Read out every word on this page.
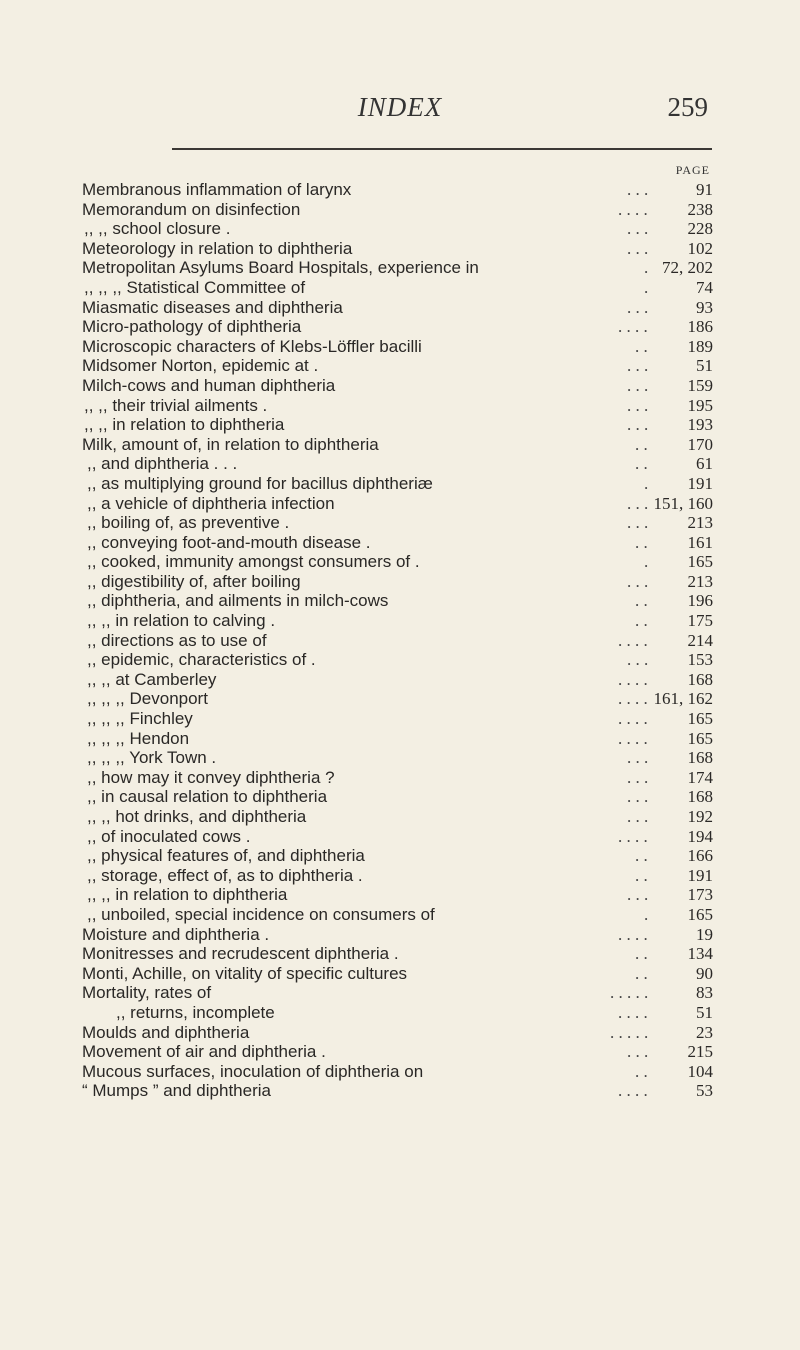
INDEX	259
PAGE
Membranous inflammation of larynx	. . .	91
Memorandum on disinfection	. . . . 238
,, ,, school closure .	. . . 228
Meteorology in relation to diphtheria	. . . 102
Metropolitan Asylums Board Hospitals, experience in	. 72, 202
,, ,, ,, Statistical Committee of	.	74
Miasmatic diseases and diphtheria	. . .	93
Micro-pathology of diphtheria	. . . . 186
Microscopic characters of Klebs-Löffler bacilli	. . 189
Midsomer Norton, epidemic at .	. . .	51
Milch-cows and human diphtheria	. . . 159
,, ,, their trivial ailments .	. . . 195
,, ,, in relation to diphtheria	. . . 193
Milk, amount of, in relation to diphtheria	. . 170
,, and diphtheria . . .	. .	61
,, as multiplying ground for bacillus diphtheriæ	. 191
,, a vehicle of diphtheria infection	. . . 151, 160
,, boiling of, as preventive .	. . . 213
,, conveying foot-and-mouth disease .	. . 161
,, cooked, immunity amongst consumers of .	. 165
,, digestibility of, after boiling	. . . 213
,, diphtheria, and ailments in milch-cows	. . 196
,, ,, in relation to calving .	. . 175
,, directions as to use of	. . . . 214
,, epidemic, characteristics of .	. . . 153
,, ,, at Camberley	. . . . 168
,, ,, ,, Devonport	. . . . 161, 162
,, ,, ,, Finchley	. . . . 165
,, ,, ,, Hendon	. . . . 165
,, ,, ,, York Town .	. . . 168
,, how may it convey diphtheria ?	. . . 174
,, in causal relation to diphtheria	. . . 168
,, ,, hot drinks, and diphtheria	. . . 192
,, of inoculated cows .	. . . . 194
,, physical features of, and diphtheria	. . 166
,, storage, effect of, as to diphtheria .	. . 191
,, ,, in relation to diphtheria	. . . 173
,, unboiled, special incidence on consumers of	. 165
Moisture and diphtheria .	. . . .	19
Monitresses and recrudescent diphtheria .	. . 134
Monti, Achille, on vitality of specific cultures	. .	90
Mortality, rates of	. . . . .	83
,, returns, incomplete	. . . .	51
Moulds and diphtheria	. . . . .	23
Movement of air and diphtheria .	. . . 215
Mucous surfaces, inoculation of diphtheria on	. . 104
“ Mumps ” and diphtheria	. . . .	53
